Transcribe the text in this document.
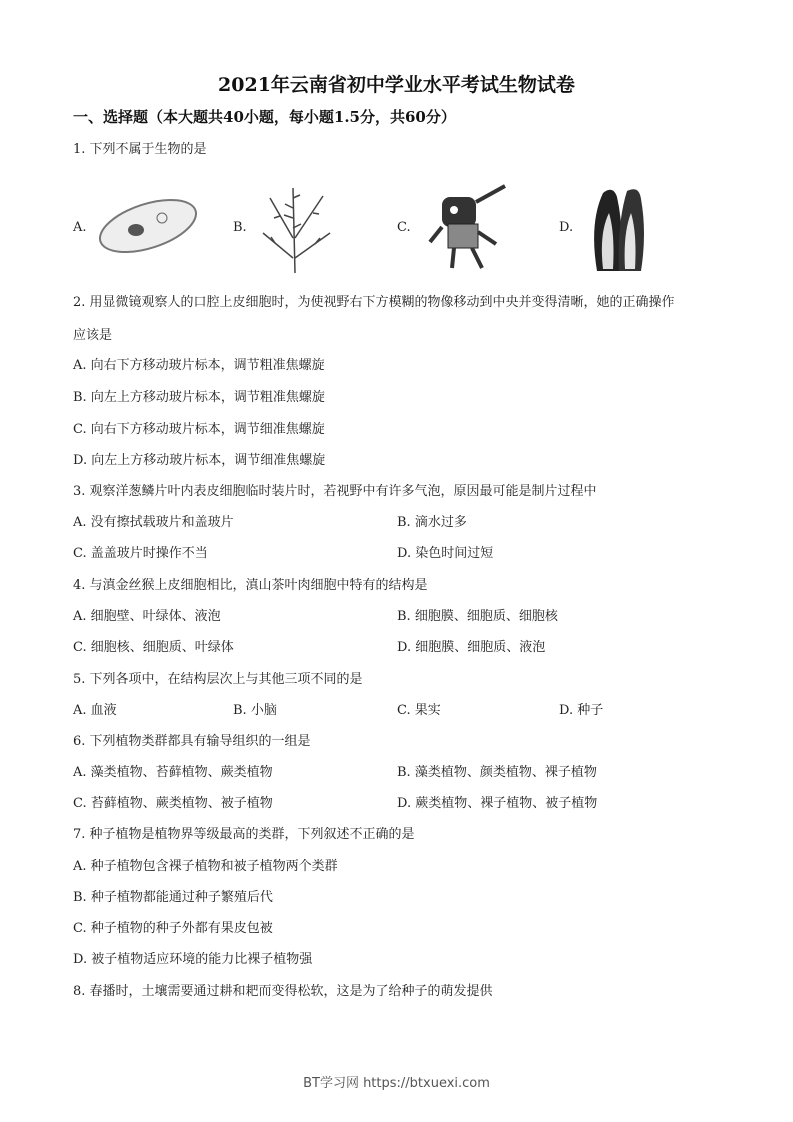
2021年云南省初中学业水平考试生物试卷
一、选择题（本大题共40小题，每小题1.5分，共60分）
1. 下列不属于生物的是
A.	B.	C.	D.
2. 用显微镜观察人的口腔上皮细胞时，为使视野右下方模糊的物像移动到中央并变得清晰，她的正确操作
应该是
A. 向右下方移动玻片标本，调节粗准焦螺旋
B. 向左上方移动玻片标本，调节粗准焦螺旋
C. 向右下方移动玻片标本，调节细准焦螺旋
D. 向左上方移动玻片标本，调节细准焦螺旋
3. 观察洋葱鳞片叶内表皮细胞临时装片时，若视野中有许多气泡，原因最可能是制片过程中
A. 没有擦拭载玻片和盖玻片	B. 滴水过多
C. 盖盖玻片时操作不当	D. 染色时间过短
4. 与滇金丝猴上皮细胞相比，滇山茶叶肉细胞中特有的结构是
A. 细胞壁、叶绿体、液泡	B. 细胞膜、细胞质、细胞核
C. 细胞核、细胞质、叶绿体	D. 细胞膜、细胞质、液泡
5. 下列各项中，在结构层次上与其他三项不同的是
A. 血液	B. 小脑	C. 果实	D. 种子
6. 下列植物类群都具有输导组织的一组是
A. 藻类植物、苔藓植物、蕨类植物	B. 藻类植物、颜类植物、裸子植物
C. 苔藓植物、蕨类植物、被子植物	D. 蕨类植物、裸子植物、被子植物
7. 种子植物是植物界等级最高的类群，下列叙述不正确的是
A. 种子植物包含裸子植物和被子植物两个类群
B. 种子植物都能通过种子繁殖后代
C. 种子植物的种子外都有果皮包被
D. 被子植物适应环境的能力比裸子植物强
8. 春播时，土壤需要通过耕和耙而变得松软，这是为了给种子的萌发提供
BT学习网 https://btxuexi.com
